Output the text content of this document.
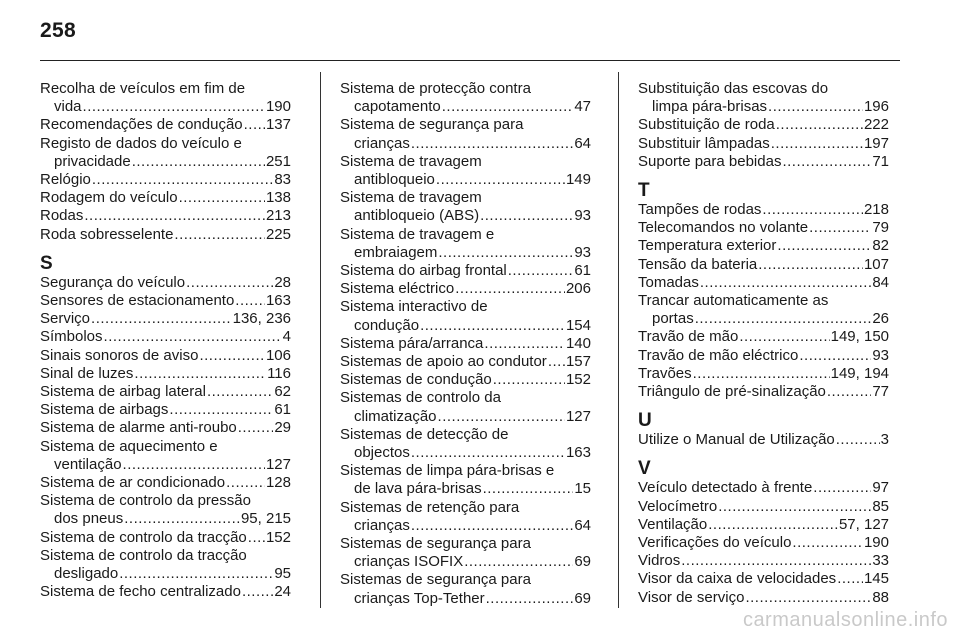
258
Recolha de veículos em fim de
vida .....	190
Recomendações de condução ..... 137
Registo de dados do veículo e
privacidade .....	251
Relógio .....	83
Rodagem do veículo .....	138
Rodas .....	213
Roda sobresselente .....	225
S
Segurança do veículo .....	28
Sensores de estacionamento ..... 163
Serviço .....	136, 236
Símbolos .....	4
Sinais sonoros de aviso .....	106
Sinal de luzes .....	116
Sistema de airbag lateral .....	62
Sistema de airbags .....	61
Sistema de alarme anti-roubo .....	29
Sistema de aquecimento e
ventilação .....	127
Sistema de ar condicionado .....	128
Sistema de controlo da pressão
dos pneus .....	95, 215
Sistema de controlo da tracção ..... 152
Sistema de controlo da tracção
desligado .....	95
Sistema de fecho centralizado ..... 24
Sistema de protecção contra
capotamento .....	47
Sistema de segurança para
crianças .....	64
Sistema de travagem
antibloqueio .....	149
Sistema de travagem
antibloqueio (ABS) .....	93
Sistema de travagem e
embraiagem .....	93
Sistema do airbag frontal .....	61
Sistema eléctrico .....	206
Sistema interactivo de
condução .....	154
Sistema pára/arranca .....	140
Sistemas de apoio ao condutor ..... 157
Sistemas de condução .....	152
Sistemas de controlo da
climatização .....	127
Sistemas de detecção de
objectos .....	163
Sistemas de limpa pára-brisas e
de lava pára-brisas .....	15
Sistemas de retenção para
crianças .....	64
Sistemas de segurança para
crianças ISOFIX .....	69
Sistemas de segurança para
crianças Top-Tether .....	69
Substituição das escovas do
limpa pára-brisas .....	196
Substituição de roda .....	222
Substituir lâmpadas .....	197
Suporte para bebidas .....	71
T
Tampões de rodas .....	218
Telecomandos no volante .....	79
Temperatura exterior .....	82
Tensão da bateria .....	107
Tomadas .....	84
Trancar automaticamente as
portas .....	26
Travão de mão .....	149, 150
Travão de mão eléctrico .....	93
Travões .....	149, 194
Triângulo de pré-sinalização .....	77
U
Utilize o Manual de Utilização .....	3
V
Veículo detectado à frente .....	97
Velocímetro .....	85
Ventilação .....	57, 127
Verificações do veículo .....	190
Vidros .....	33
Visor da caixa de velocidades ..... 145
Visor de serviço .....	88
carmanualsonline.info
